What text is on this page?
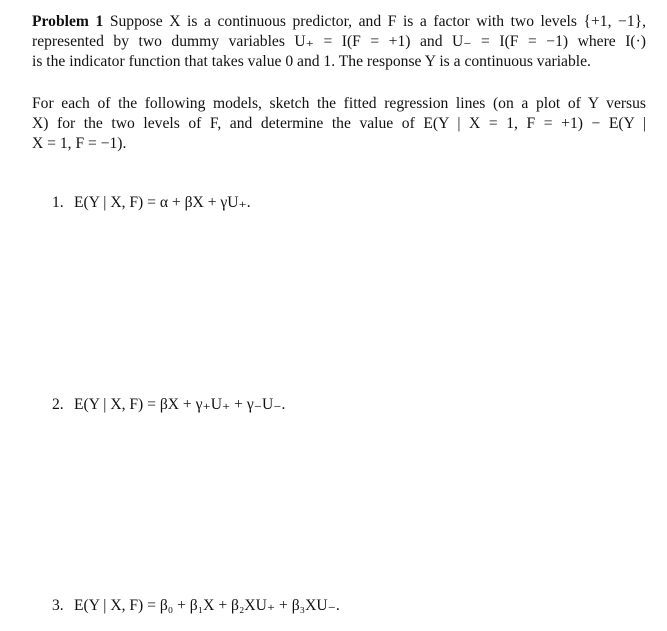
Problem 1 Suppose X is a continuous predictor, and F is a factor with two levels {+1, −1},
represented by two dummy variables U₊ = I(F = +1) and U₋ = I(F = −1) where I(·)
is the indicator function that takes value 0 and 1. The response Y is a continuous variable.

For each of the following models, sketch the fitted regression lines (on a plot of Y versus
X) for the two levels of F, and determine the value of E(Y | X = 1, F = +1) − E(Y |
X = 1, F = −1).

1. E(Y | X, F) = α + βX + γU₊.
2. E(Y | X, F) = βX + γ₊U₊ + γ₋U₋.
3. E(Y | X, F) = β₀ + β₁X + β₂XU₊ + β₃XU₋.
